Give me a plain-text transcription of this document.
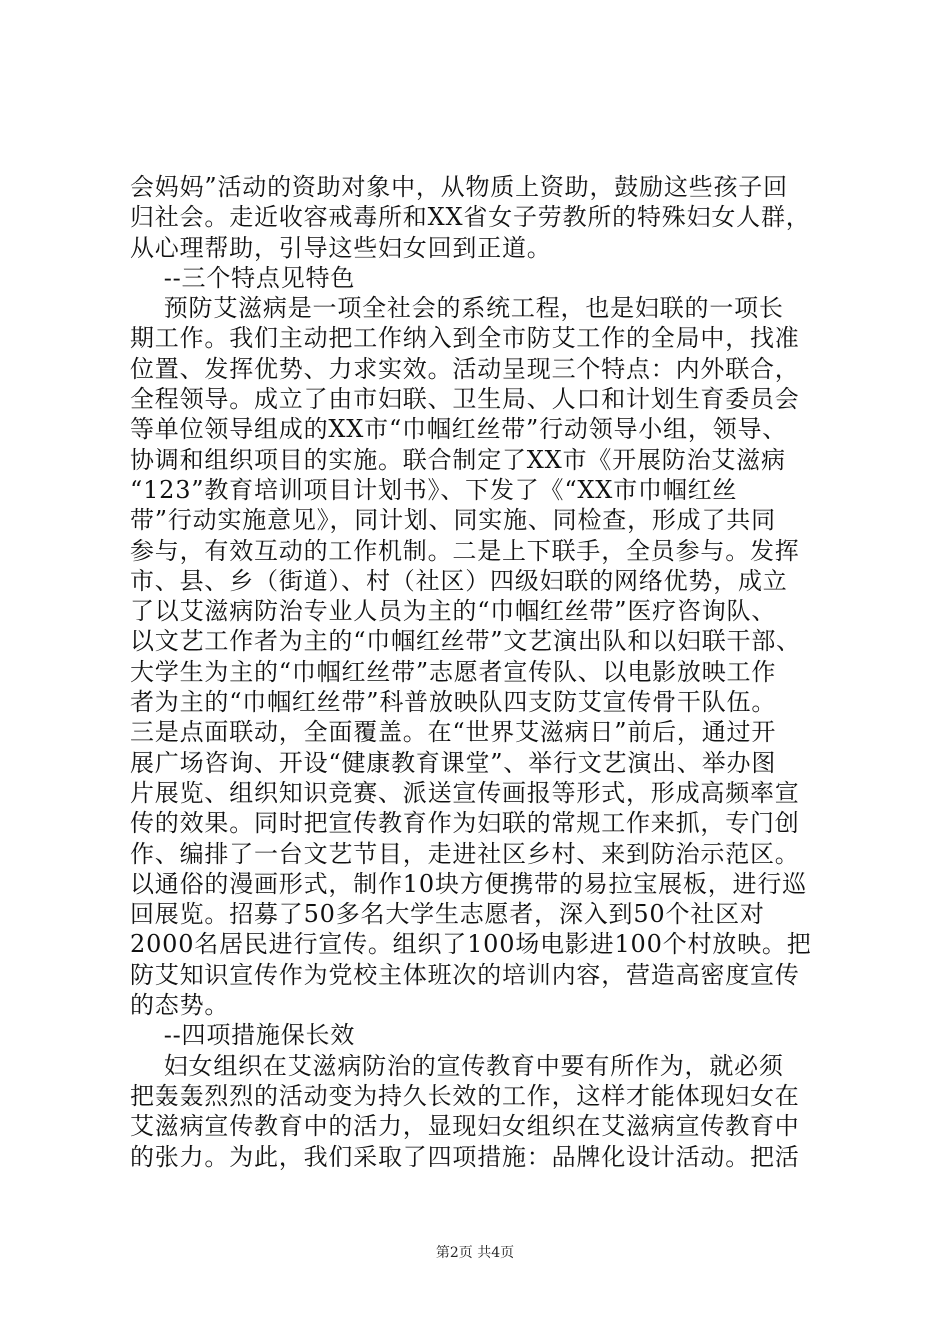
会妈妈”活动的资助对象中，从物质上资助，鼓励这些孩子回
归社会。走近收容戒毒所和XX省女子劳教所的特殊妇女人群，
从心理帮助，引导这些妇女回到正道。
--三个特点见特色
预防艾滋病是一项全社会的系统工程，也是妇联的一项长
期工作。我们主动把工作纳入到全市防艾工作的全局中，找准
位置、发挥优势、力求实效。活动呈现三个特点：内外联合，
全程领导。成立了由市妇联、卫生局、人口和计划生育委员会
等单位领导组成的XX市“巾帼红丝带”行动领导小组，领导、
协调和组织项目的实施。联合制定了XX市《开展防治艾滋病
“123”教育培训项目计划书》、下发了《“XX市巾帼红丝
带”行动实施意见》，同计划、同实施、同检查，形成了共同
参与，有效互动的工作机制。二是上下联手，全员参与。发挥
市、县、乡（街道）、村（社区）四级妇联的网络优势，成立
了以艾滋病防治专业人员为主的“巾帼红丝带”医疗咨询队、
以文艺工作者为主的“巾帼红丝带”文艺演出队和以妇联干部、
大学生为主的“巾帼红丝带”志愿者宣传队、以电影放映工作
者为主的“巾帼红丝带”科普放映队四支防艾宣传骨干队伍。
三是点面联动，全面覆盖。在“世界艾滋病日”前后，通过开
展广场咨询、开设“健康教育课堂”、举行文艺演出、举办图
片展览、组织知识竞赛、派送宣传画报等形式，形成高频率宣
传的效果。同时把宣传教育作为妇联的常规工作来抓，专门创
作、编排了一台文艺节目，走进社区乡村、来到防治示范区。
以通俗的漫画形式，制作10块方便携带的易拉宝展板，进行巡
回展览。招募了50多名大学生志愿者，深入到50个社区对
2000名居民进行宣传。组织了100场电影进100个村放映。把
防艾知识宣传作为党校主体班次的培训内容，营造高密度宣传
的态势。
--四项措施保长效
妇女组织在艾滋病防治的宣传教育中要有所作为，就必须
把轰轰烈烈的活动变为持久长效的工作，这样才能体现妇女在
艾滋病宣传教育中的活力，显现妇女组织在艾滋病宣传教育中
的张力。为此，我们采取了四项措施：品牌化设计活动。把活
第2页 共4页
